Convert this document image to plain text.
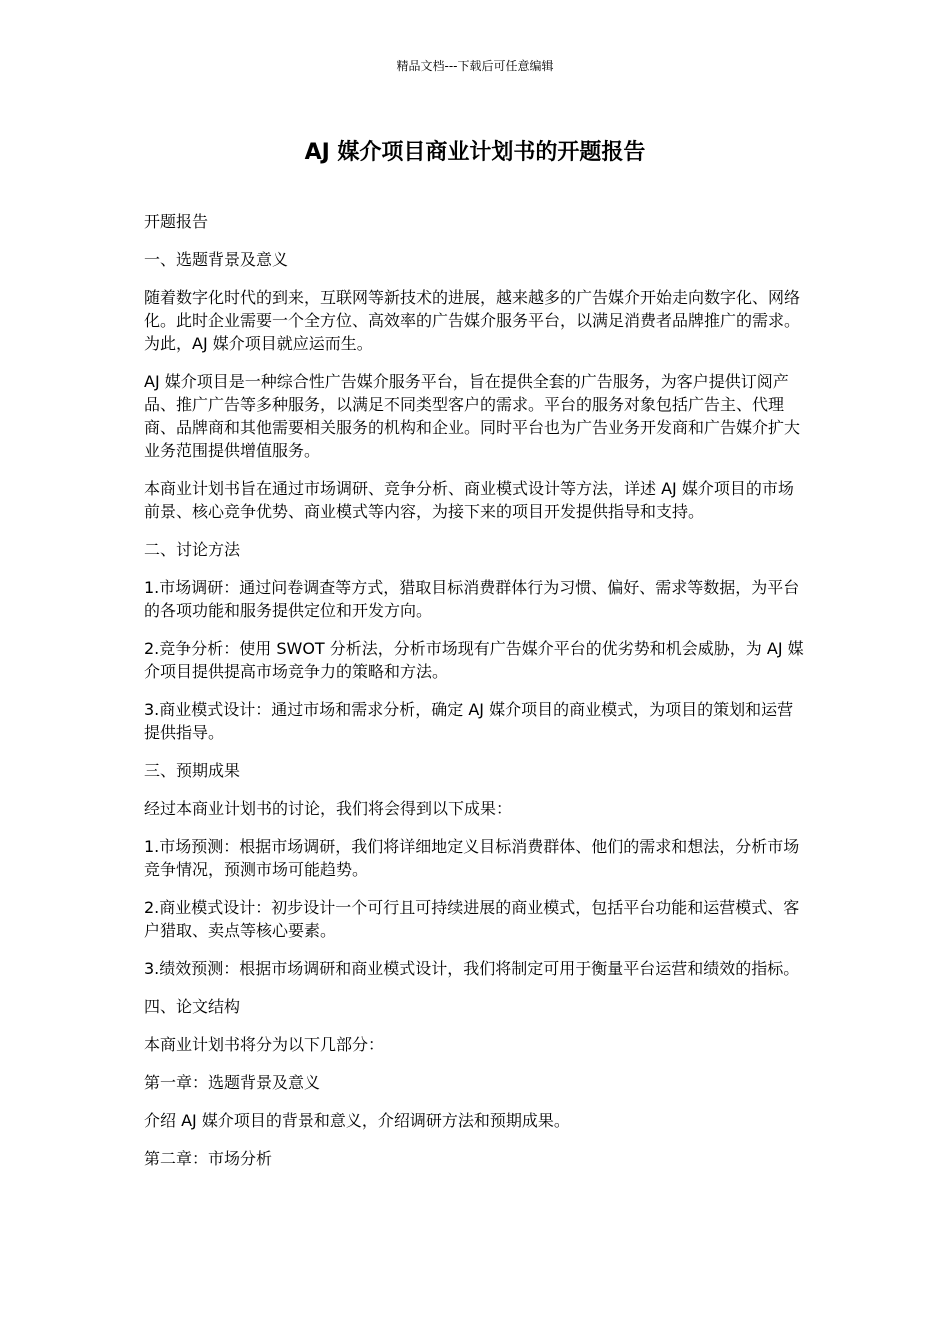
精品文档---下载后可任意编辑
AJ 媒介项目商业计划书的开题报告

开题报告

一、选题背景及意义

随着数字化时代的到来，互联网等新技术的进展，越来越多的广告媒介开始走向数字化、网络化。此时企业需要一个全方位、高效率的广告媒介服务平台，以满足消费者品牌推广的需求。为此，AJ 媒介项目就应运而生。

AJ 媒介项目是一种综合性广告媒介服务平台，旨在提供全套的广告服务，为客户提供订阅产品、推广广告等多种服务，以满足不同类型客户的需求。平台的服务对象包括广告主、代理商、品牌商和其他需要相关服务的机构和企业。同时平台也为广告业务开发商和广告媒介扩大业务范围提供增值服务。

本商业计划书旨在通过市场调研、竞争分析、商业模式设计等方法，详述 AJ 媒介项目的市场前景、核心竞争优势、商业模式等内容，为接下来的项目开发提供指导和支持。

二、讨论方法

1.市场调研：通过问卷调查等方式，猎取目标消费群体行为习惯、偏好、需求等数据，为平台的各项功能和服务提供定位和开发方向。

2.竞争分析：使用 SWOT 分析法，分析市场现有广告媒介平台的优劣势和机会威胁，为 AJ 媒介项目提供提高市场竞争力的策略和方法。

3.商业模式设计：通过市场和需求分析，确定 AJ 媒介项目的商业模式，为项目的策划和运营提供指导。

三、预期成果

经过本商业计划书的讨论，我们将会得到以下成果：

1.市场预测：根据市场调研，我们将详细地定义目标消费群体、他们的需求和想法，分析市场竞争情况，预测市场可能趋势。

2.商业模式设计：初步设计一个可行且可持续进展的商业模式，包括平台功能和运营模式、客户猎取、卖点等核心要素。

3.绩效预测：根据市场调研和商业模式设计，我们将制定可用于衡量平台运营和绩效的指标。

四、论文结构

本商业计划书将分为以下几部分：

第一章：选题背景及意义

介绍 AJ 媒介项目的背景和意义，介绍调研方法和预期成果。

第二章：市场分析
